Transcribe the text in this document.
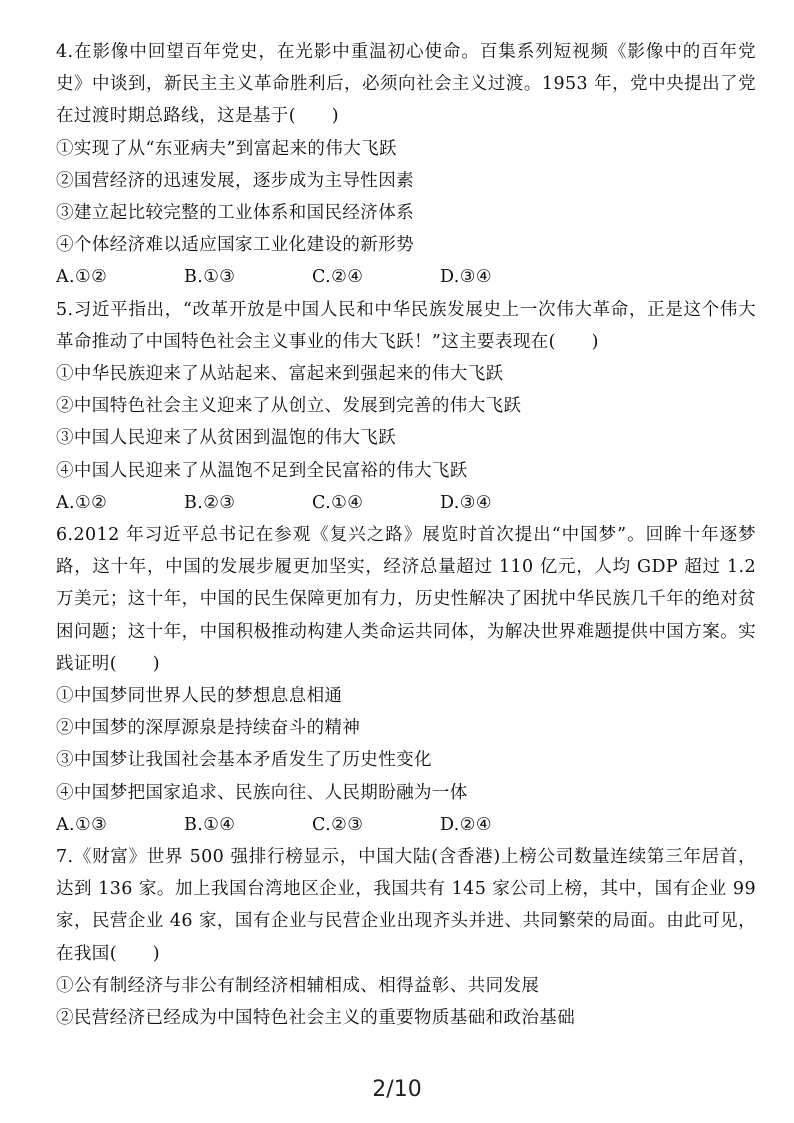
4.在影像中回望百年党史，在光影中重温初心使命。百集系列短视频《影像中的百年党史》中谈到，新民主主义革命胜利后，必须向社会主义过渡。1953 年，党中央提出了党在过渡时期总路线，这是基于(　　)

①实现了从“东亚病夫”到富起来的伟大飞跃

②国营经济的迅速发展，逐步成为主导性因素

③建立起比较完整的工业体系和国民经济体系

④个体经济难以适应国家工业化建设的新形势

A.①②	B.①③	C.②④	D.③④

5.习近平指出，“改革开放是中国人民和中华民族发展史上一次伟大革命，正是这个伟大革命推动了中国特色社会主义事业的伟大飞跃！”这主要表现在(　　)

①中华民族迎来了从站起来、富起来到强起来的伟大飞跃

②中国特色社会主义迎来了从创立、发展到完善的伟大飞跃

③中国人民迎来了从贫困到温饱的伟大飞跃

④中国人民迎来了从温饱不足到全民富裕的伟大飞跃

A.①②	B.②③	C.①④	D.③④

6.2012 年习近平总书记在参观《复兴之路》展览时首次提出“中国梦”。回眸十年逐梦路，这十年，中国的发展步履更加坚实，经济总量超过 110 亿元，人均 GDP 超过 1.2 万美元；这十年，中国的民生保障更加有力，历史性解决了困扰中华民族几千年的绝对贫困问题；这十年，中国积极推动构建人类命运共同体，为解决世界难题提供中国方案。实践证明(　　)

①中国梦同世界人民的梦想息息相通

②中国梦的深厚源泉是持续奋斗的精神

③中国梦让我国社会基本矛盾发生了历史性变化

④中国梦把国家追求、民族向往、人民期盼融为一体

A.①③	B.①④	C.②③	D.②④

7.《财富》世界 500 强排行榜显示，中国大陆(含香港)上榜公司数量连续第三年居首，达到 136 家。加上我国台湾地区企业，我国共有 145 家公司上榜，其中，国有企业 99 家，民营企业 46 家，国有企业与民营企业出现齐头并进、共同繁荣的局面。由此可见，在我国(　　)

①公有制经济与非公有制经济相辅相成、相得益彰、共同发展

②民营经济已经成为中国特色社会主义的重要物质基础和政治基础

2/10
